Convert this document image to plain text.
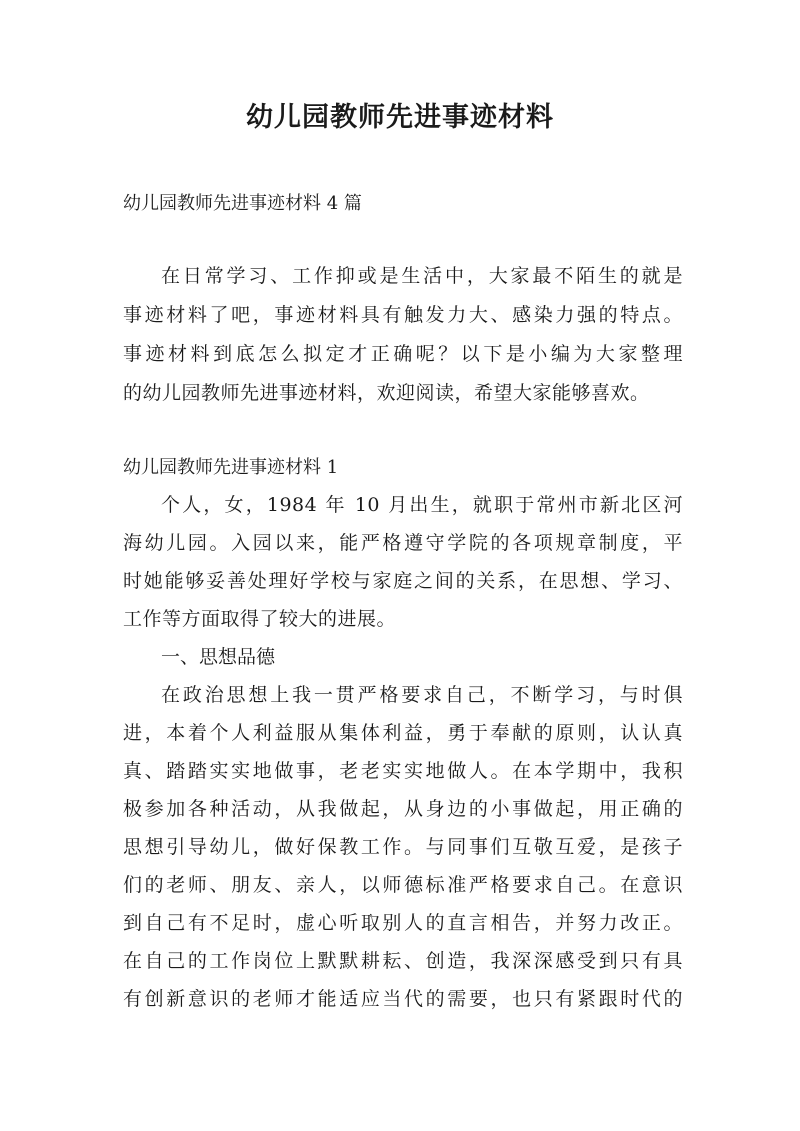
幼儿园教师先进事迹材料

幼儿园教师先进事迹材料 4 篇

在日常学习、工作抑或是生活中，大家最不陌生的就是

事迹材料了吧，事迹材料具有触发力大、感染力强的特点。

事迹材料到底怎么拟定才正确呢？以下是小编为大家整理

的幼儿园教师先进事迹材料，欢迎阅读，希望大家能够喜欢。

幼儿园教师先进事迹材料 1

个人，女，1984 年 10 月出生，就职于常州市新北区河

海幼儿园。入园以来，能严格遵守学院的各项规章制度，平

时她能够妥善处理好学校与家庭之间的关系，在思想、学习、

工作等方面取得了较大的进展。

一、思想品德

在政治思想上我一贯严格要求自己，不断学习，与时俱

进，本着个人利益服从集体利益，勇于奉献的原则，认认真

真、踏踏实实地做事，老老实实地做人。在本学期中，我积

极参加各种活动，从我做起，从身边的小事做起，用正确的

思想引导幼儿，做好保教工作。与同事们互敬互爱，是孩子

们的老师、朋友、亲人，以师德标准严格要求自己。在意识

到自己有不足时，虚心听取别人的直言相告，并努力改正。

在自己的工作岗位上默默耕耘、创造，我深深感受到只有具

有创新意识的老师才能适应当代的需要，也只有紧跟时代的
